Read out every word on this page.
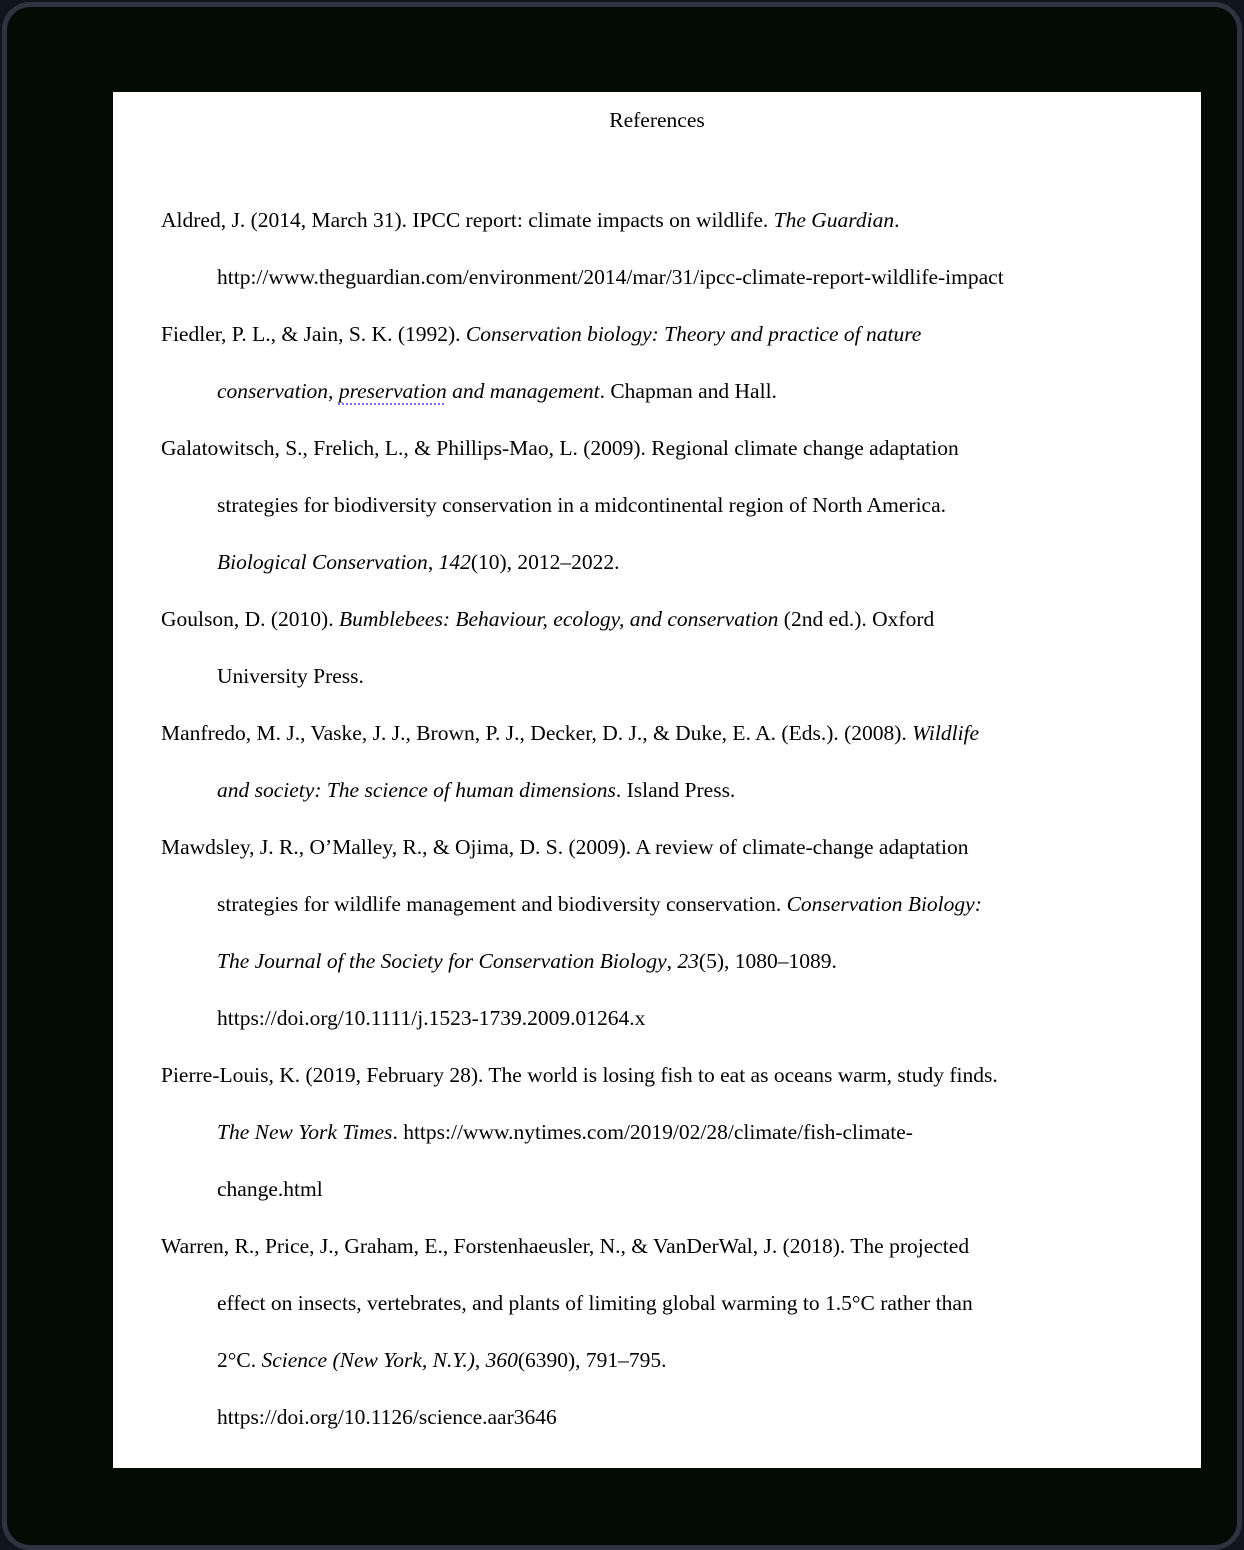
References
Aldred, J. (2014, March 31). IPCC report: climate impacts on wildlife. The Guardian.
http://www.theguardian.com/environment/2014/mar/31/ipcc-climate-report-wildlife-impact
Fiedler, P. L., & Jain, S. K. (1992). Conservation biology: Theory and practice of nature
conservation, preservation and management. Chapman and Hall.
Galatowitsch, S., Frelich, L., & Phillips-Mao, L. (2009). Regional climate change adaptation
strategies for biodiversity conservation in a midcontinental region of North America.
Biological Conservation, 142(10), 2012–2022.
Goulson, D. (2010). Bumblebees: Behaviour, ecology, and conservation (2nd ed.). Oxford
University Press.
Manfredo, M. J., Vaske, J. J., Brown, P. J., Decker, D. J., & Duke, E. A. (Eds.). (2008). Wildlife
and society: The science of human dimensions. Island Press.
Mawdsley, J. R., O’Malley, R., & Ojima, D. S. (2009). A review of climate-change adaptation
strategies for wildlife management and biodiversity conservation. Conservation Biology:
The Journal of the Society for Conservation Biology, 23(5), 1080–1089.
https://doi.org/10.1111/j.1523-1739.2009.01264.x
Pierre-Louis, K. (2019, February 28). The world is losing fish to eat as oceans warm, study finds.
The New York Times. https://www.nytimes.com/2019/02/28/climate/fish-climate-
change.html
Warren, R., Price, J., Graham, E., Forstenhaeusler, N., & VanDerWal, J. (2018). The projected
effect on insects, vertebrates, and plants of limiting global warming to 1.5°C rather than
2°C. Science (New York, N.Y.), 360(6390), 791–795.
https://doi.org/10.1126/science.aar3646
